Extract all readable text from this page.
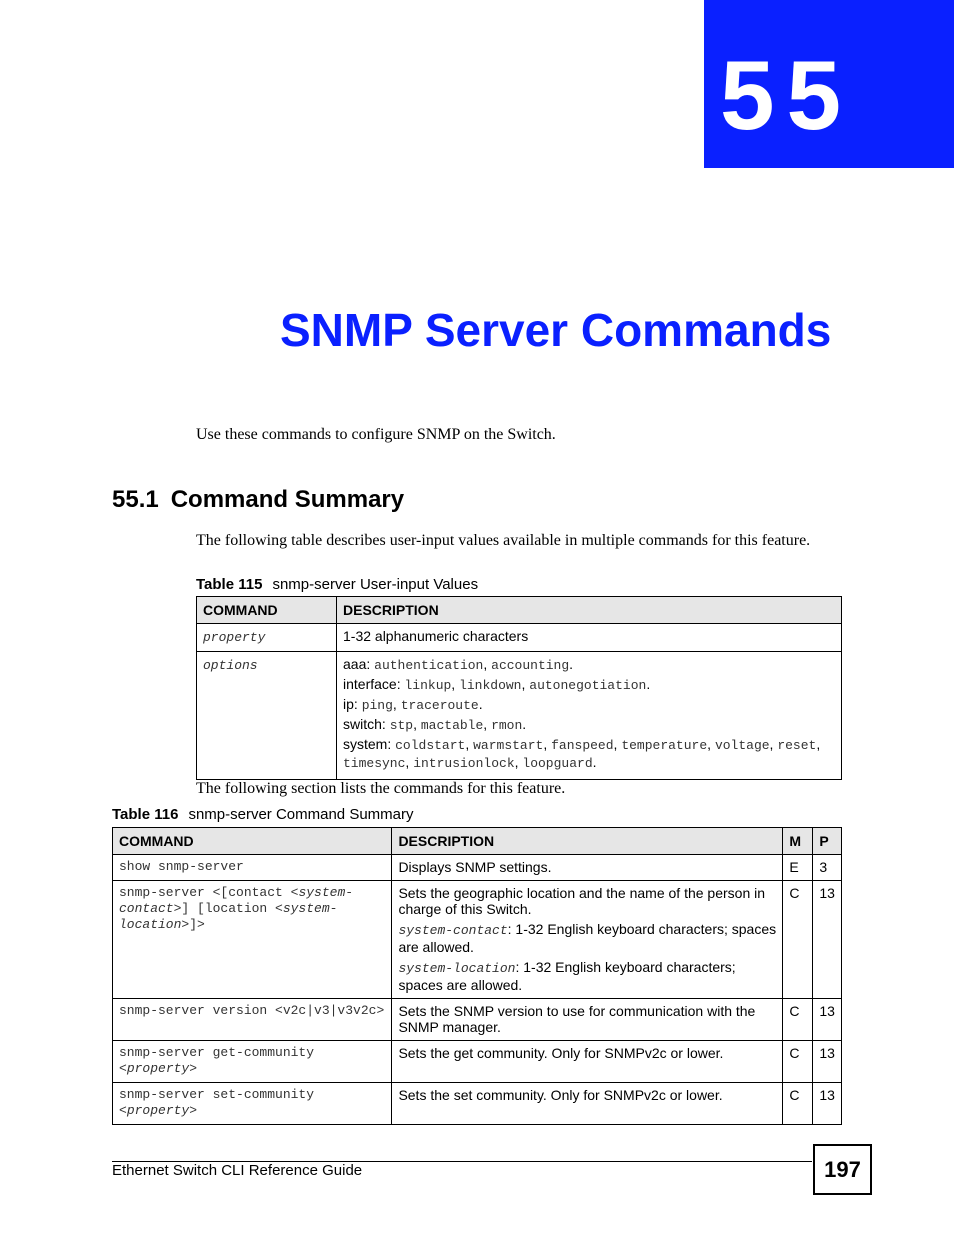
55
SNMP Server Commands
Use these commands to configure SNMP on the Switch.
55.1 Command Summary
The following table describes user-input values available in multiple commands for this feature.
Table 115 snmp-server User-input Values
COMMAND	DESCRIPTION
property	1-32 alphanumeric characters
options	aaa: authentication, accounting.
interface: linkup, linkdown, autonegotiation.
ip: ping, traceroute.
switch: stp, mactable, rmon.
system: coldstart, warmstart, fanspeed, temperature, voltage, reset, timesync, intrusionlock, loopguard.
The following section lists the commands for this feature.
Table 116 snmp-server Command Summary
COMMAND	DESCRIPTION	M	P
show snmp-server	Displays SNMP settings.	E	3
snmp-server <[contact <system-contact>] [location <system-location>]>	Sets the geographic location and the name of the person in charge of this Switch.

system-contact: 1-32 English keyboard characters; spaces are allowed.

system-location: 1-32 English keyboard characters; spaces are allowed.	C	13
snmp-server version <v2c|v3|v3v2c>	Sets the SNMP version to use for communication with the SNMP manager.	C	13
snmp-server get-community <property>	Sets the get community. Only for SNMPv2c or lower.	C	13
snmp-server set-community <property>	Sets the set community. Only for SNMPv2c or lower.	C	13
Ethernet Switch CLI Reference Guide	197
